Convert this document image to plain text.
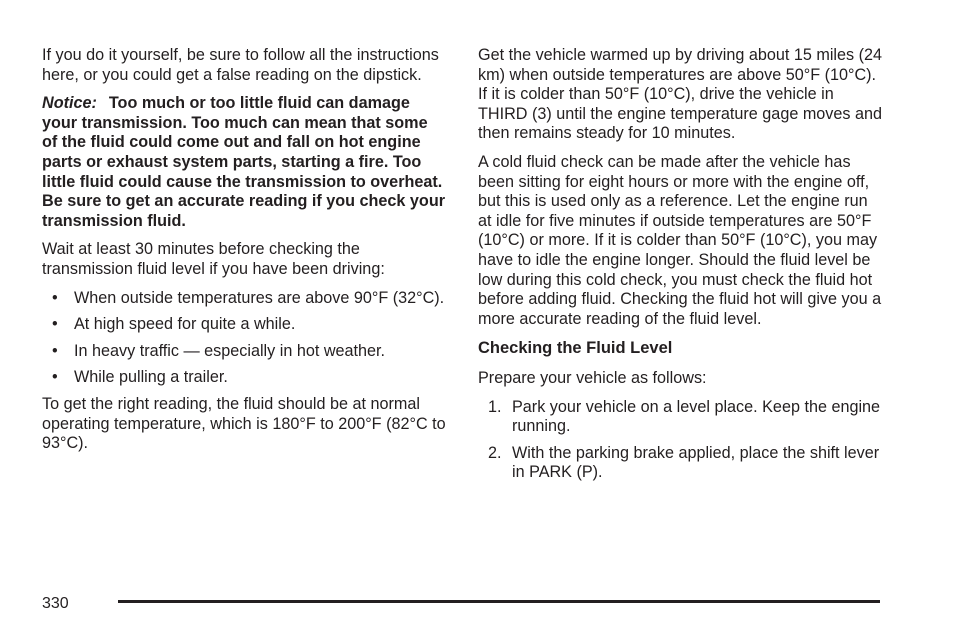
If you do it yourself, be sure to follow all the instructions here, or you could get a false reading on the dipstick.

Notice: Too much or too little fluid can damage your transmission. Too much can mean that some of the fluid could come out and fall on hot engine parts or exhaust system parts, starting a fire. Too little fluid could cause the transmission to overheat. Be sure to get an accurate reading if you check your transmission fluid.

Wait at least 30 minutes before checking the transmission fluid level if you have been driving:

• When outside temperatures are above 90°F (32°C).
• At high speed for quite a while.
• In heavy traffic — especially in hot weather.
• While pulling a trailer.

To get the right reading, the fluid should be at normal operating temperature, which is 180°F to 200°F (82°C to 93°C).

Get the vehicle warmed up by driving about 15 miles (24 km) when outside temperatures are above 50°F (10°C). If it is colder than 50°F (10°C), drive the vehicle in THIRD (3) until the engine temperature gage moves and then remains steady for 10 minutes.

A cold fluid check can be made after the vehicle has been sitting for eight hours or more with the engine off, but this is used only as a reference. Let the engine run at idle for five minutes if outside temperatures are 50°F (10°C) or more. If it is colder than 50°F (10°C), you may have to idle the engine longer. Should the fluid level be low during this cold check, you must check the fluid hot before adding fluid. Checking the fluid hot will give you a more accurate reading of the fluid level.

Checking the Fluid Level

Prepare your vehicle as follows:

1. Park your vehicle on a level place. Keep the engine running.
2. With the parking brake applied, place the shift lever in PARK (P).
330
